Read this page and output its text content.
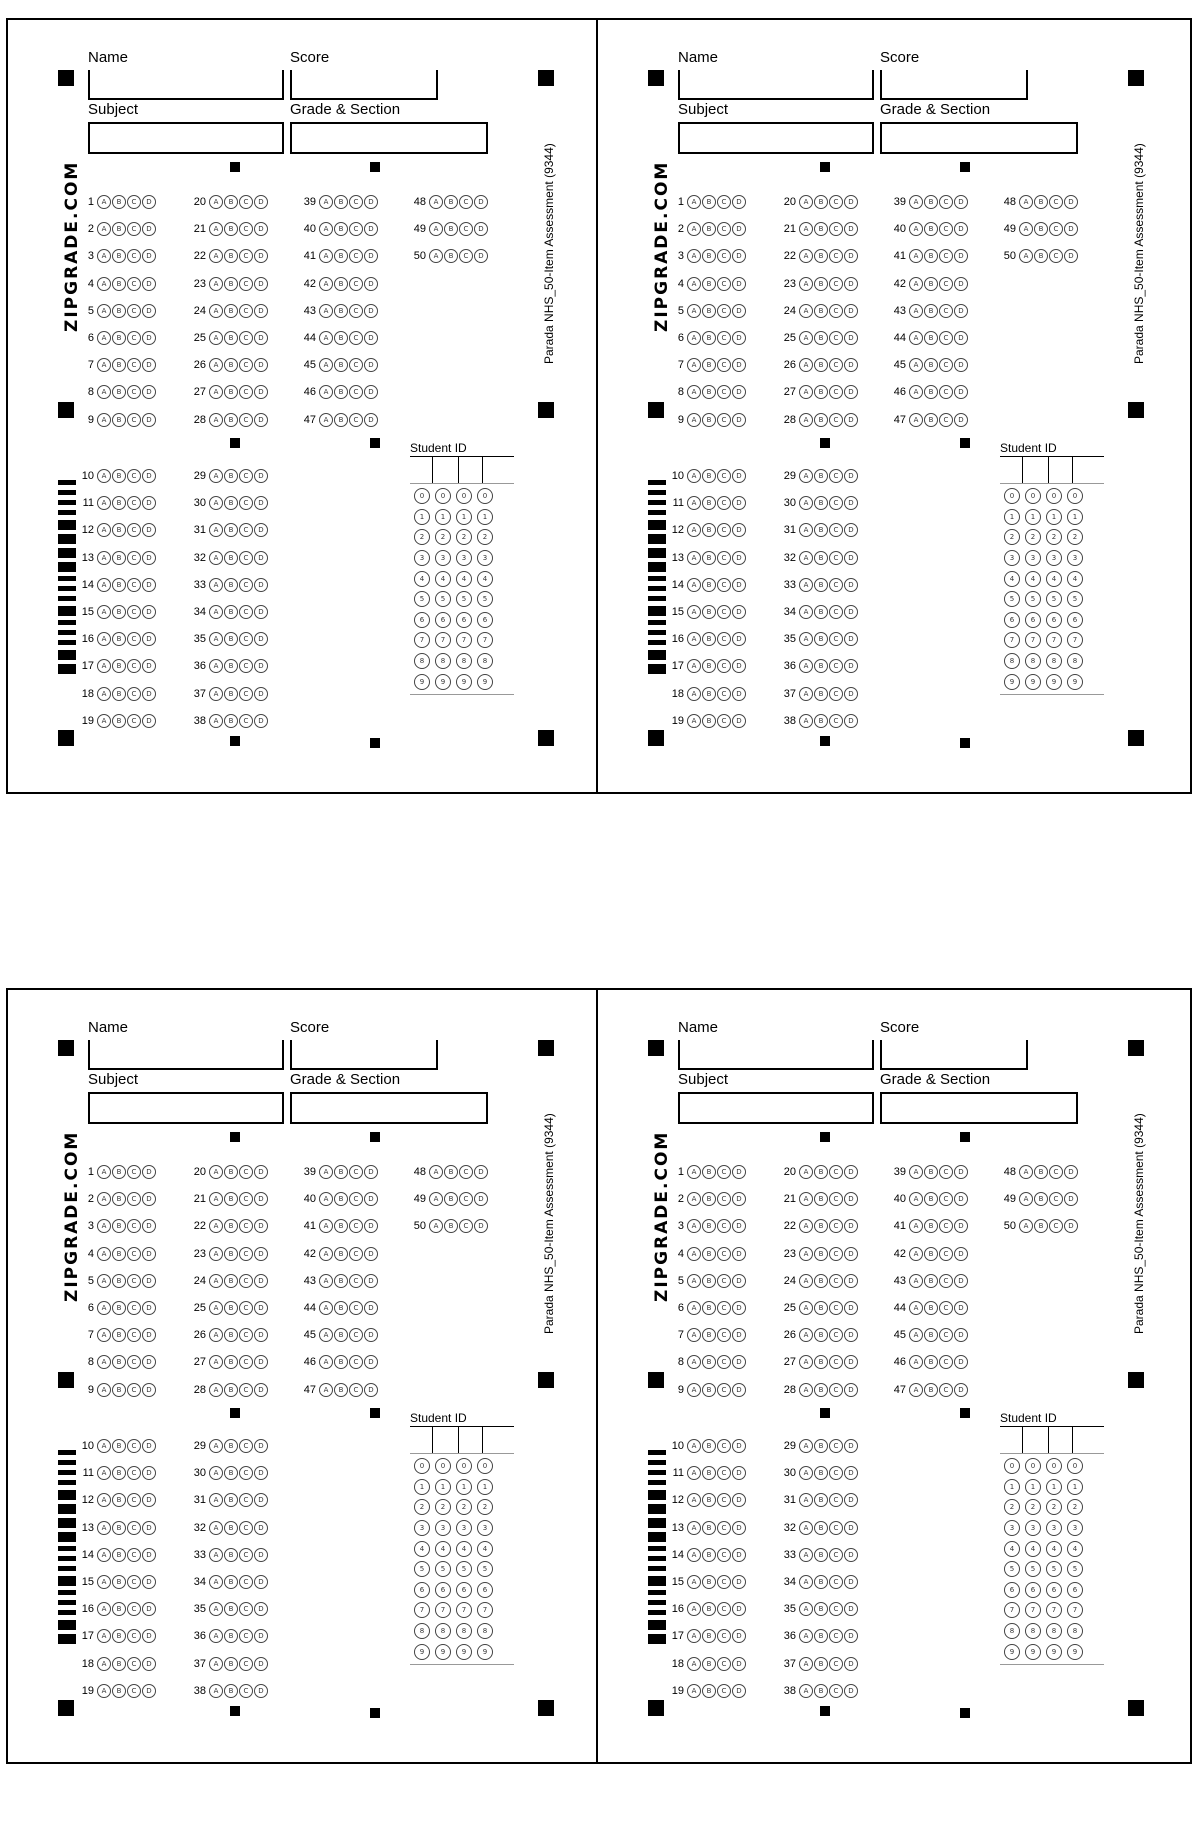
Name	Score
Subject	Grade & Section
ZIPGRADE.COM	Parada NHS_50-Item Assessment (9344)
1	A	B	C	D
2	A	B	C	D
3	A	B	C	D
4	A	B	C	D
5	A	B	C	D
6	A	B	C	D
7	A	B	C	D
8	A	B	C	D
9	A	B	C	D
20	A	B	C	D
21	A	B	C	D
22	A	B	C	D
23	A	B	C	D
24	A	B	C	D
25	A	B	C	D
26	A	B	C	D
27	A	B	C	D
28	A	B	C	D
39	A	B	C	D
40	A	B	C	D
41	A	B	C	D
42	A	B	C	D
43	A	B	C	D
44	A	B	C	D
45	A	B	C	D
46	A	B	C	D
47	A	B	C	D
48	A	B	C	D
49	A	B	C	D
50	A	B	C	D
10	A	B	C	D
11	A	B	C	D
12	A	B	C	D
13	A	B	C	D
14	A	B	C	D
15	A	B	C	D
16	A	B	C	D
17	A	B	C	D
18	A	B	C	D
19	A	B	C	D
29	A	B	C	D
30	A	B	C	D
31	A	B	C	D
32	A	B	C	D
33	A	B	C	D
34	A	B	C	D
35	A	B	C	D
36	A	B	C	D
37	A	B	C	D
38	A	B	C	D
Student ID
0	0	0	0
1	1	1	1
2	2	2	2
3	3	3	3
4	4	4	4
5	5	5	5
6	6	6	6
7	7	7	7
8	8	8	8
9	9	9	9
Name	Score
Subject	Grade & Section
ZIPGRADE.COM	Parada NHS_50-Item Assessment (9344)
1	A	B	C	D
2	A	B	C	D
3	A	B	C	D
4	A	B	C	D
5	A	B	C	D
6	A	B	C	D
7	A	B	C	D
8	A	B	C	D
9	A	B	C	D
20	A	B	C	D
21	A	B	C	D
22	A	B	C	D
23	A	B	C	D
24	A	B	C	D
25	A	B	C	D
26	A	B	C	D
27	A	B	C	D
28	A	B	C	D
39	A	B	C	D
40	A	B	C	D
41	A	B	C	D
42	A	B	C	D
43	A	B	C	D
44	A	B	C	D
45	A	B	C	D
46	A	B	C	D
47	A	B	C	D
48	A	B	C	D
49	A	B	C	D
50	A	B	C	D
10	A	B	C	D
11	A	B	C	D
12	A	B	C	D
13	A	B	C	D
14	A	B	C	D
15	A	B	C	D
16	A	B	C	D
17	A	B	C	D
18	A	B	C	D
19	A	B	C	D
29	A	B	C	D
30	A	B	C	D
31	A	B	C	D
32	A	B	C	D
33	A	B	C	D
34	A	B	C	D
35	A	B	C	D
36	A	B	C	D
37	A	B	C	D
38	A	B	C	D
Student ID
0	0	0	0
1	1	1	1
2	2	2	2
3	3	3	3
4	4	4	4
5	5	5	5
6	6	6	6
7	7	7	7
8	8	8	8
9	9	9	9
Name	Score
Subject	Grade & Section
ZIPGRADE.COM	Parada NHS_50-Item Assessment (9344)
1	A	B	C	D
2	A	B	C	D
3	A	B	C	D
4	A	B	C	D
5	A	B	C	D
6	A	B	C	D
7	A	B	C	D
8	A	B	C	D
9	A	B	C	D
20	A	B	C	D
21	A	B	C	D
22	A	B	C	D
23	A	B	C	D
24	A	B	C	D
25	A	B	C	D
26	A	B	C	D
27	A	B	C	D
28	A	B	C	D
39	A	B	C	D
40	A	B	C	D
41	A	B	C	D
42	A	B	C	D
43	A	B	C	D
44	A	B	C	D
45	A	B	C	D
46	A	B	C	D
47	A	B	C	D
48	A	B	C	D
49	A	B	C	D
50	A	B	C	D
10	A	B	C	D
11	A	B	C	D
12	A	B	C	D
13	A	B	C	D
14	A	B	C	D
15	A	B	C	D
16	A	B	C	D
17	A	B	C	D
18	A	B	C	D
19	A	B	C	D
29	A	B	C	D
30	A	B	C	D
31	A	B	C	D
32	A	B	C	D
33	A	B	C	D
34	A	B	C	D
35	A	B	C	D
36	A	B	C	D
37	A	B	C	D
38	A	B	C	D
Student ID
0	0	0	0
1	1	1	1
2	2	2	2
3	3	3	3
4	4	4	4
5	5	5	5
6	6	6	6
7	7	7	7
8	8	8	8
9	9	9	9
Name	Score
Subject	Grade & Section
ZIPGRADE.COM	Parada NHS_50-Item Assessment (9344)
1	A	B	C	D
2	A	B	C	D
3	A	B	C	D
4	A	B	C	D
5	A	B	C	D
6	A	B	C	D
7	A	B	C	D
8	A	B	C	D
9	A	B	C	D
20	A	B	C	D
21	A	B	C	D
22	A	B	C	D
23	A	B	C	D
24	A	B	C	D
25	A	B	C	D
26	A	B	C	D
27	A	B	C	D
28	A	B	C	D
39	A	B	C	D
40	A	B	C	D
41	A	B	C	D
42	A	B	C	D
43	A	B	C	D
44	A	B	C	D
45	A	B	C	D
46	A	B	C	D
47	A	B	C	D
48	A	B	C	D
49	A	B	C	D
50	A	B	C	D
10	A	B	C	D
11	A	B	C	D
12	A	B	C	D
13	A	B	C	D
14	A	B	C	D
15	A	B	C	D
16	A	B	C	D
17	A	B	C	D
18	A	B	C	D
19	A	B	C	D
29	A	B	C	D
30	A	B	C	D
31	A	B	C	D
32	A	B	C	D
33	A	B	C	D
34	A	B	C	D
35	A	B	C	D
36	A	B	C	D
37	A	B	C	D
38	A	B	C	D
Student ID
0	0	0	0
1	1	1	1
2	2	2	2
3	3	3	3
4	4	4	4
5	5	5	5
6	6	6	6
7	7	7	7
8	8	8	8
9	9	9	9
